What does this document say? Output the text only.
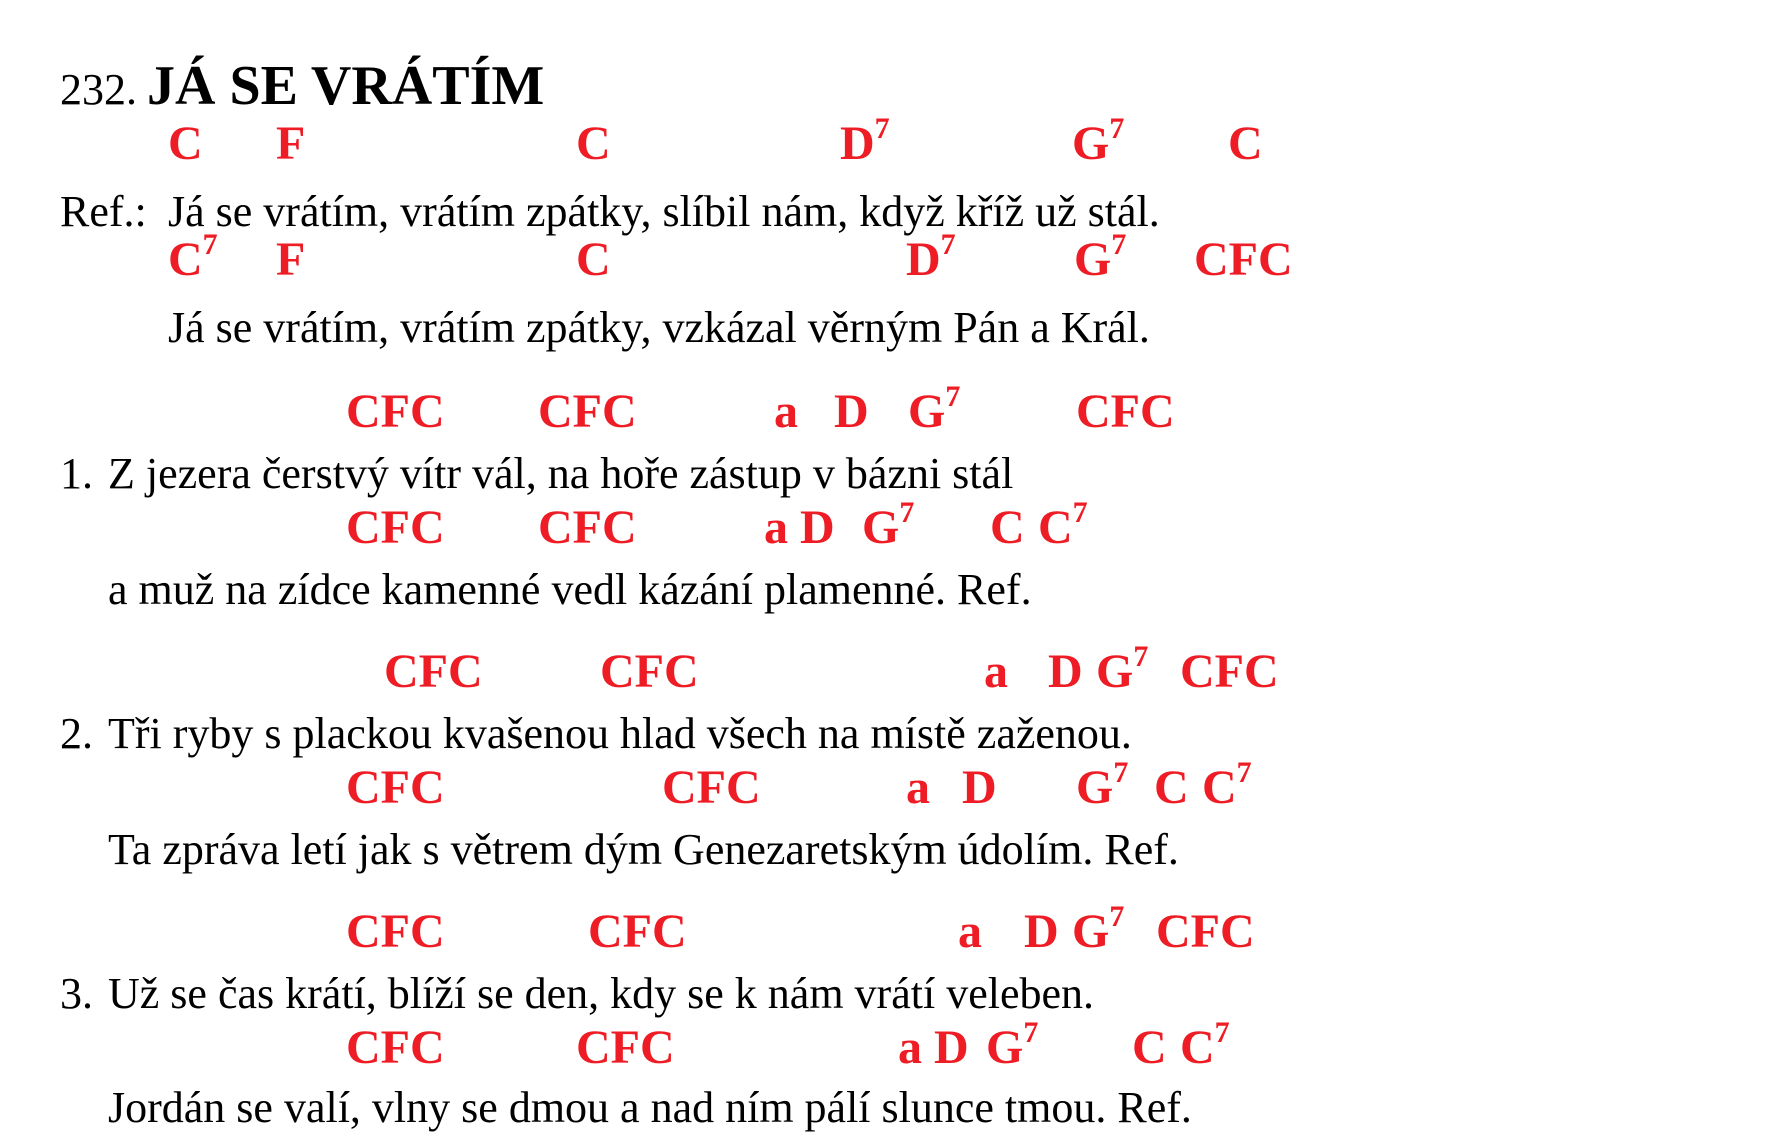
232. JÁ SE VRÁTÍM
C F	C	$D^7$	$G^7$ C
Ref.: Já se vrátím, vrátím zpátky, slíbil nám, když kříž už stál.
$C^7$ F	C	$D^7$ $G^7$ CFC
Já se vrátím, vrátím zpátky, vzkázal věrným Pán a Král.
CFC CFC	a D $G^7$ CFC
1. Z jezera čerstvý vítr vál, na hoře zástup v bázni stál
CFC CFC	a D $G^7$ C $C^7$
a muž na zídce kamenné vedl kázání plamenné. Ref.
CFC CFC	a D $G^7$ CFC
2. Tři ryby s plackou kvašenou hlad všech na místě zaženou.
CFC	CFC	a D $G^7$ C $C^7$
Ta zpráva letí jak s větrem dým Genezaretským údolím. Ref.
CFC	CFC	a D $G^7$ CFC
3. Už se čas krátí, blíží se den, kdy se k nám vrátí veleben.
CFC	CFC	a D $G^7$ C $C^7$
Jordán se valí, vlny se dmou a nad ním pálí slunce tmou. Ref.
